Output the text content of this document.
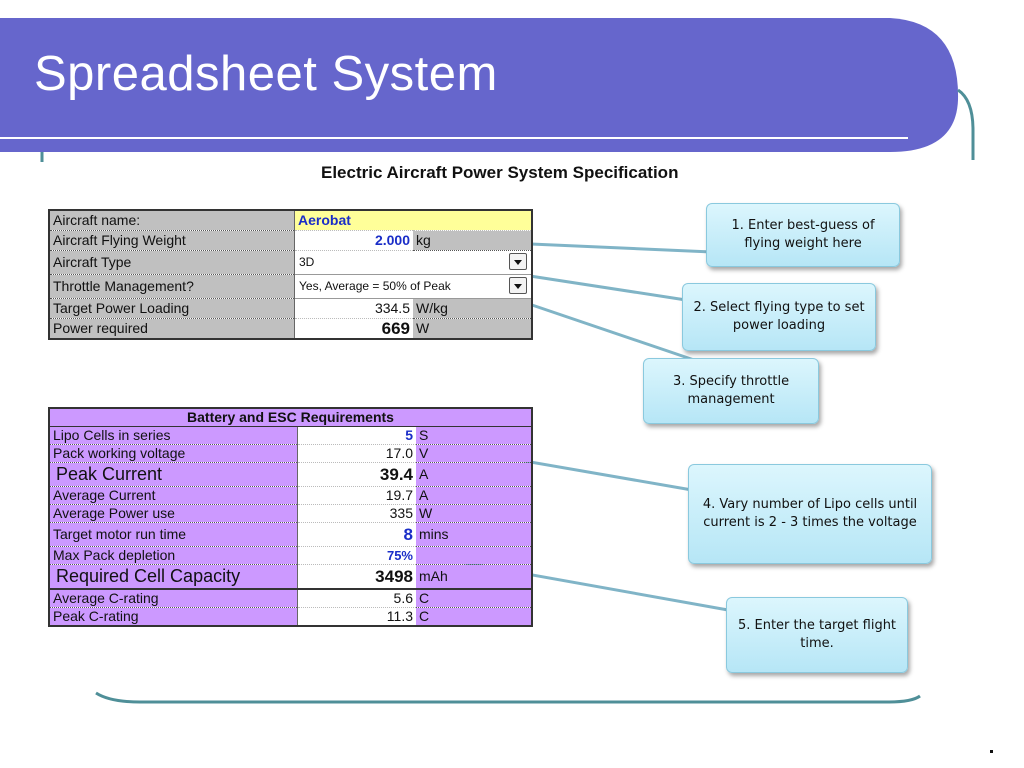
Spreadsheet System
Electric Aircraft Power System Specification
Aircraft name:	Aerobat	
Aircraft Flying Weight	2.000	kg
Aircraft Type	3D	

Throttle Management?	Yes, Average = 50% of Peak	

Target Power Loading	334.5	W/kg
Power required	669	W
Battery and ESC Requirements		
Lipo Cells in series	5	S
Pack working voltage	17.0	V
Peak Current	39.4	A
Average Current	19.7	A
Average Power use	335	W
Target motor run time	8	mins
Max Pack depletion	75%	
Required Cell Capacity	3498	mAh
Average C-rating	5.6	C
Peak C-rating	11.3	C
1. Enter best-guess of flying weight here
2. Select flying type to set power loading
3. Specify throttle management
4. Vary number of Lipo cells until current is 2 - 3 times the voltage
5. Enter the target flight time.
